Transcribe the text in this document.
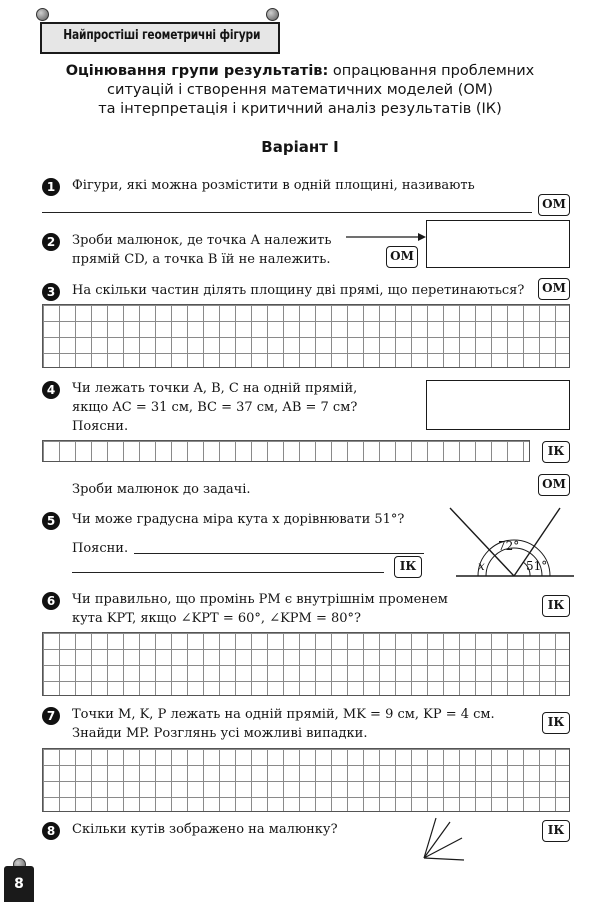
Найпростіші геометричні фігури
Оцінювання групи результатів: опрацювання проблемних
ситуацій і створення математичних моделей (ОМ)
та інтерпретація і критичний аналіз результатів (ІК)
Варіант I
1	Фігури, які можна розмістити в одній площині, називають
ОМ
2	Зроби малюнок, де точка A належить
прямій CD, а точка B їй не належить.	ОМ
3	На скільки частин ділять площину дві прямі, що перетинаються?	ОМ
4	Чи лежать точки A, B, C на одній прямій,
якщо AC = 31 см, BC = 37 см, AB = 7 см?
Поясни.
ІК
Зроби малюнок до задачі.	ОМ
5	Чи може градусна міра кута x дорівнювати 51°?
Поясни.
ІК
72°
51°
x
6	Чи правильно, що промінь PM є внутрішнім променем
кута KPT, якщо ∠KPT = 60°, ∠KPM = 80°?
ІК
7	Точки M, K, P лежать на одній прямій, MK = 9 см, KP = 4 см.
Знайди MP. Розглянь усі можливі випадки.
ІК
8	Скільки кутів зображено на малюнку?	ІК
8
